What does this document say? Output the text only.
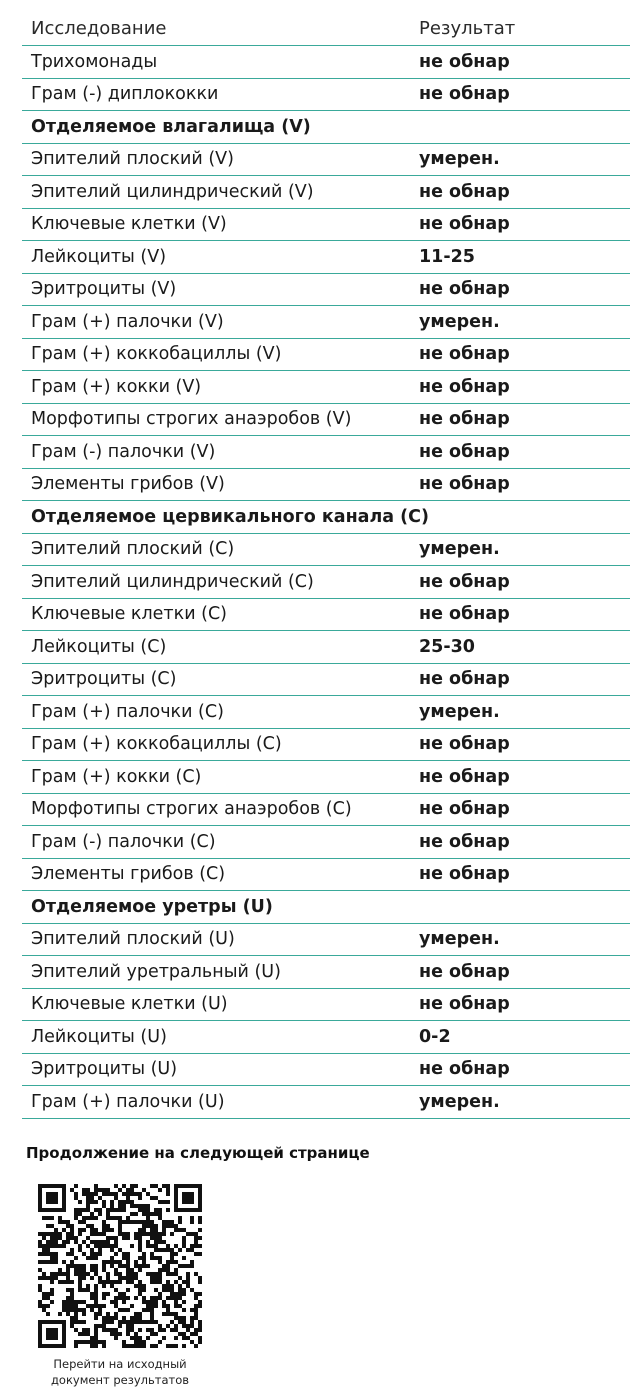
Исследование	Результат
Трихомонады	не обнар
Грам (-) диплококки	не обнар
Отделяемое влагалища (V)
Эпителий плоский (V)	умерен.
Эпителий цилиндрический (V)	не обнар
Ключевые клетки (V)	не обнар
Лейкоциты (V)	11-25
Эритроциты (V)	не обнар
Грам (+) палочки (V)	умерен.
Грам (+) коккобациллы (V)	не обнар
Грам (+) кокки (V)	не обнар
Морфотипы строгих анаэробов (V)	не обнар
Грам (-) палочки (V)	не обнар
Элементы грибов (V)	не обнар
Отделяемое цервикального канала (C)
Эпителий плоский (C)	умерен.
Эпителий цилиндрический (C)	не обнар
Ключевые клетки (C)	не обнар
Лейкоциты (C)	25-30
Эритроциты (C)	не обнар
Грам (+) палочки (C)	умерен.
Грам (+) коккобациллы (C)	не обнар
Грам (+) кокки (C)	не обнар
Морфотипы строгих анаэробов (C)	не обнар
Грам (-) палочки (C)	не обнар
Элементы грибов (C)	не обнар
Отделяемое уретры (U)
Эпителий плоский (U)	умерен.
Эпителий уретральный (U)	не обнар
Ключевые клетки (U)	не обнар
Лейкоциты (U)	0-2
Эритроциты (U)	не обнар
Грам (+) палочки (U)	умерен.
Продолжение на следующей странице
Перейти на исходный
документ результатов
